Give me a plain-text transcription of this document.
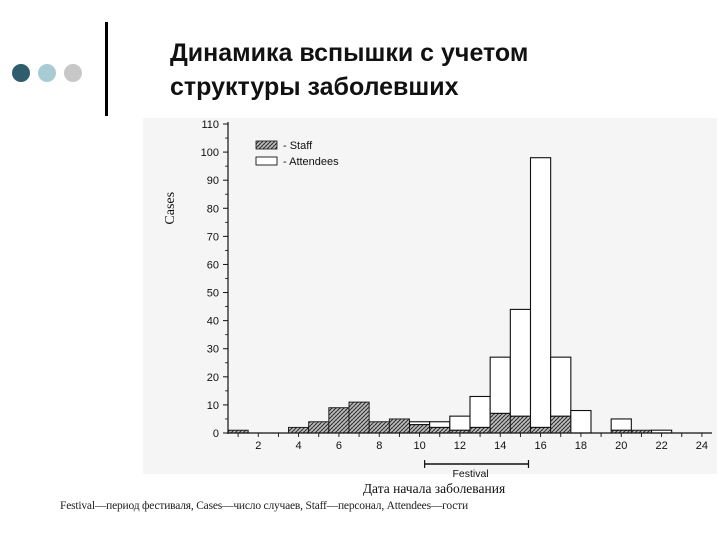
Динамика вспышки с учетом
структуры заболевших
0
10
20
30
40
50
60
70
80
90
100
110
2	4	6	8	10	12	14	16	18	20	22	24
- Staff
- Attendees
Cases
Festival
Дата начала заболевания
Festival—период фестиваля, Cases—число случаев, Staff—персонал, Attendees—гости
